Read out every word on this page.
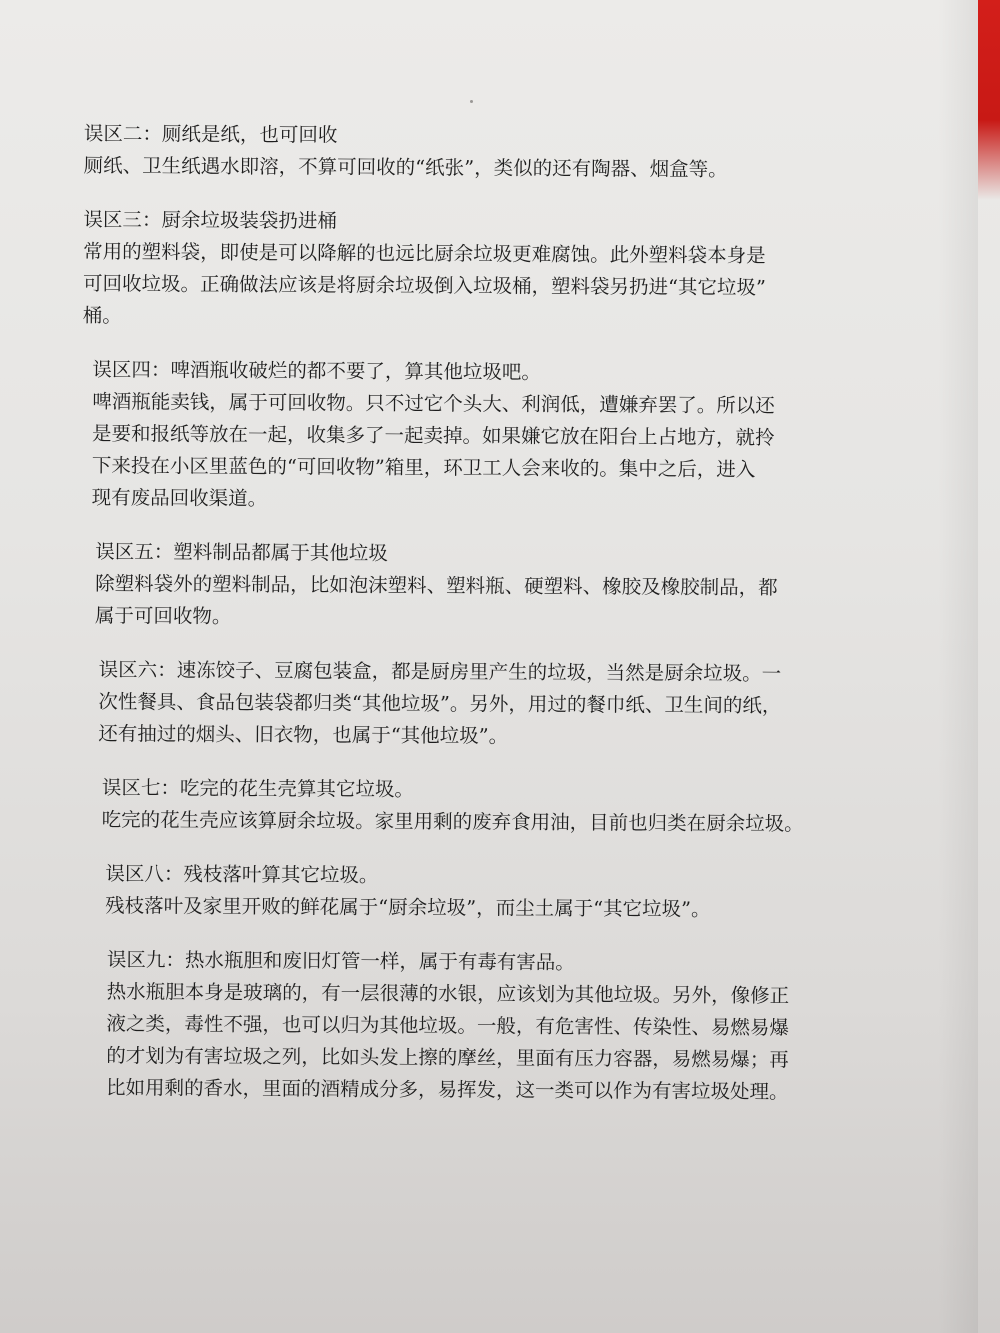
误区二：厕纸是纸，也可回收

厕纸、卫生纸遇水即溶，不算可回收的“纸张”，类似的还有陶器、烟盒等。

误区三：厨余垃圾装袋扔进桶

常用的塑料袋，即使是可以降解的也远比厨余垃圾更难腐蚀。此外塑料袋本身是
可回收垃圾。正确做法应该是将厨余垃圾倒入垃圾桶，塑料袋另扔进“其它垃圾”
桶。

误区四：啤酒瓶收破烂的都不要了，算其他垃圾吧。

啤酒瓶能卖钱，属于可回收物。只不过它个头大、利润低，遭嫌弃罢了。所以还
是要和报纸等放在一起，收集多了一起卖掉。如果嫌它放在阳台上占地方，就拎
下来投在小区里蓝色的“可回收物”箱里，环卫工人会来收的。集中之后，进入
现有废品回收渠道。

误区五：塑料制品都属于其他垃圾

除塑料袋外的塑料制品，比如泡沫塑料、塑料瓶、硬塑料、橡胶及橡胶制品，都
属于可回收物。

误区六：速冻饺子、豆腐包装盒，都是厨房里产生的垃圾，当然是厨余垃圾。一

次性餐具、食品包装袋都归类“其他垃圾”。另外，用过的餐巾纸、卫生间的纸，
还有抽过的烟头、旧衣物，也属于“其他垃圾”。

误区七：吃完的花生壳算其它垃圾。

吃完的花生壳应该算厨余垃圾。家里用剩的废弃食用油，目前也归类在厨余垃圾。

误区八：残枝落叶算其它垃圾。

残枝落叶及家里开败的鲜花属于“厨余垃圾”，而尘土属于“其它垃圾”。

误区九：热水瓶胆和废旧灯管一样，属于有毒有害品。

热水瓶胆本身是玻璃的，有一层很薄的水银，应该划为其他垃圾。另外，像修正
液之类，毒性不强，也可以归为其他垃圾。一般，有危害性、传染性、易燃易爆
的才划为有害垃圾之列，比如头发上擦的摩丝，里面有压力容器，易燃易爆；再
比如用剩的香水，里面的酒精成分多，易挥发，这一类可以作为有害垃圾处理。
